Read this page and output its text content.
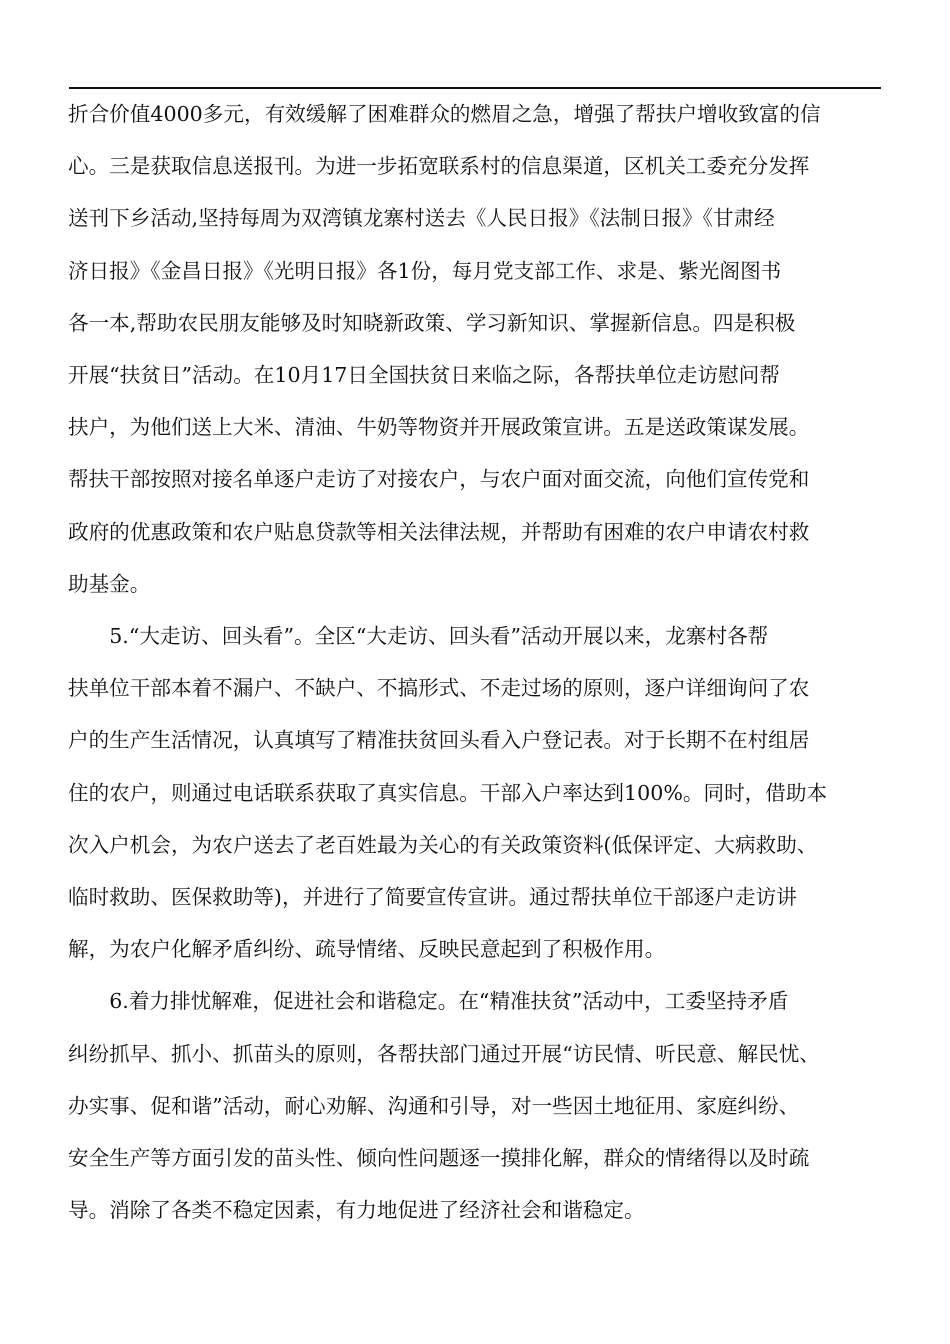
折合价值4000多元，有效缓解了困难群众的燃眉之急，增强了帮扶户增收致富的信
心。三是获取信息送报刊。为进一步拓宽联系村的信息渠道，区机关工委充分发挥
送刊下乡活动,坚持每周为双湾镇龙寨村送去《人民日报》《法制日报》《甘肃经
济日报》《金昌日报》《光明日报》各1份，每月党支部工作、求是、紫光阁图书
各一本,帮助农民朋友能够及时知晓新政策、学习新知识、掌握新信息。四是积极
开展“扶贫日”活动。在10月17日全国扶贫日来临之际，各帮扶单位走访慰问帮
扶户，为他们送上大米、清油、牛奶等物资并开展政策宣讲。五是送政策谋发展。
帮扶干部按照对接名单逐户走访了对接农户，与农户面对面交流，向他们宣传党和
政府的优惠政策和农户贴息贷款等相关法律法规，并帮助有困难的农户申请农村救
助基金。
5.“大走访、回头看”。全区“大走访、回头看”活动开展以来，龙寨村各帮
扶单位干部本着不漏户、不缺户、不搞形式、不走过场的原则，逐户详细询问了农
户的生产生活情况，认真填写了精准扶贫回头看入户登记表。对于长期不在村组居
住的农户，则通过电话联系获取了真实信息。干部入户率达到100%。同时，借助本
次入户机会，为农户送去了老百姓最为关心的有关政策资料(低保评定、大病救助、
临时救助、医保救助等)，并进行了简要宣传宣讲。通过帮扶单位干部逐户走访讲
解，为农户化解矛盾纠纷、疏导情绪、反映民意起到了积极作用。
6.着力排忧解难，促进社会和谐稳定。在“精准扶贫”活动中，工委坚持矛盾
纠纷抓早、抓小、抓苗头的原则，各帮扶部门通过开展“访民情、听民意、解民忧、
办实事、促和谐”活动，耐心劝解、沟通和引导，对一些因土地征用、家庭纠纷、
安全生产等方面引发的苗头性、倾向性问题逐一摸排化解，群众的情绪得以及时疏
导。消除了各类不稳定因素，有力地促进了经济社会和谐稳定。
